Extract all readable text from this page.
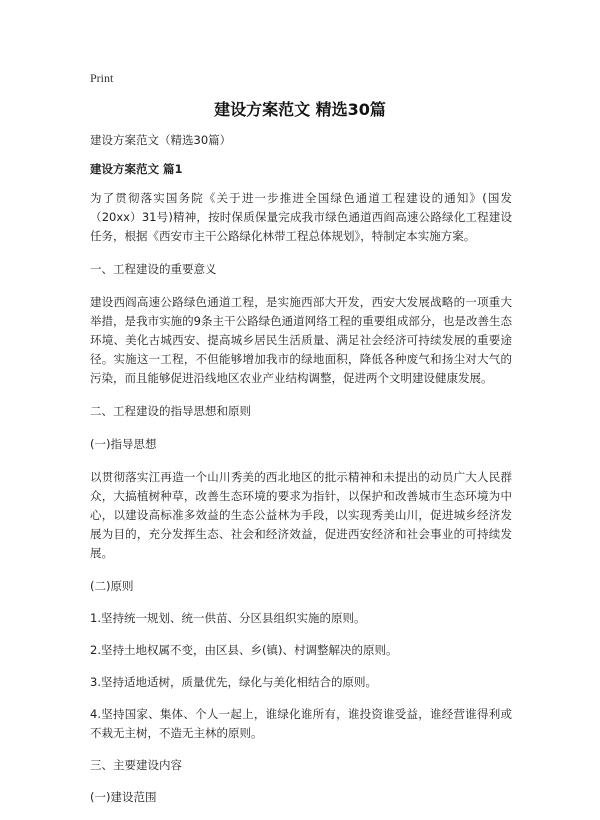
Print
建设方案范文 精选30篇

建设方案范文（精选30篇）

建设方案范文 篇1

为了贯彻落实国务院《关于进一步推进全国绿色通道工程建设的通知》(国发（20xx）31号)精神，按时保质保量完成我市绿色通道西阎高速公路绿化工程建设任务，根据《西安市主干公路绿化林带工程总体规划》，特制定本实施方案。

一、工程建设的重要意义

建设西阎高速公路绿色通道工程，是实施西部大开发，西安大发展战略的一项重大举措，是我市实施的9条主干公路绿色通道网络工程的重要组成部分，也是改善生态环境、美化古城西安、提高城乡居民生活质量、满足社会经济可持续发展的重要途径。实施这一工程，不但能够增加我市的绿地面积，降低各种废气和扬尘对大气的污染，而且能够促进沿线地区农业产业结构调整，促进两个文明建设健康发展。

二、工程建设的指导思想和原则

(一)指导思想

以贯彻落实江再造一个山川秀美的西北地区的批示精神和未提出的动员广大人民群众，大搞植树种草，改善生态环境的要求为指针，以保护和改善城市生态环境为中心，以建设高标准多效益的生态公益林为手段，以实现秀美山川，促进城乡经济发展为目的，充分发挥生态、社会和经济效益，促进西安经济和社会事业的可持续发展。

(二)原则

1.坚持统一规划、统一供苗、分区县组织实施的原则。

2.坚持土地权属不变，由区县、乡(镇)、村调整解决的原则。

3.坚持适地适树，质量优先，绿化与美化相结合的原则。

4.坚持国家、集体、个人一起上，谁绿化谁所有，谁投资谁受益，谁经营谁得利或不栽无主树，不造无主林的原则。

三、主要建设内容

(一)建设范围
